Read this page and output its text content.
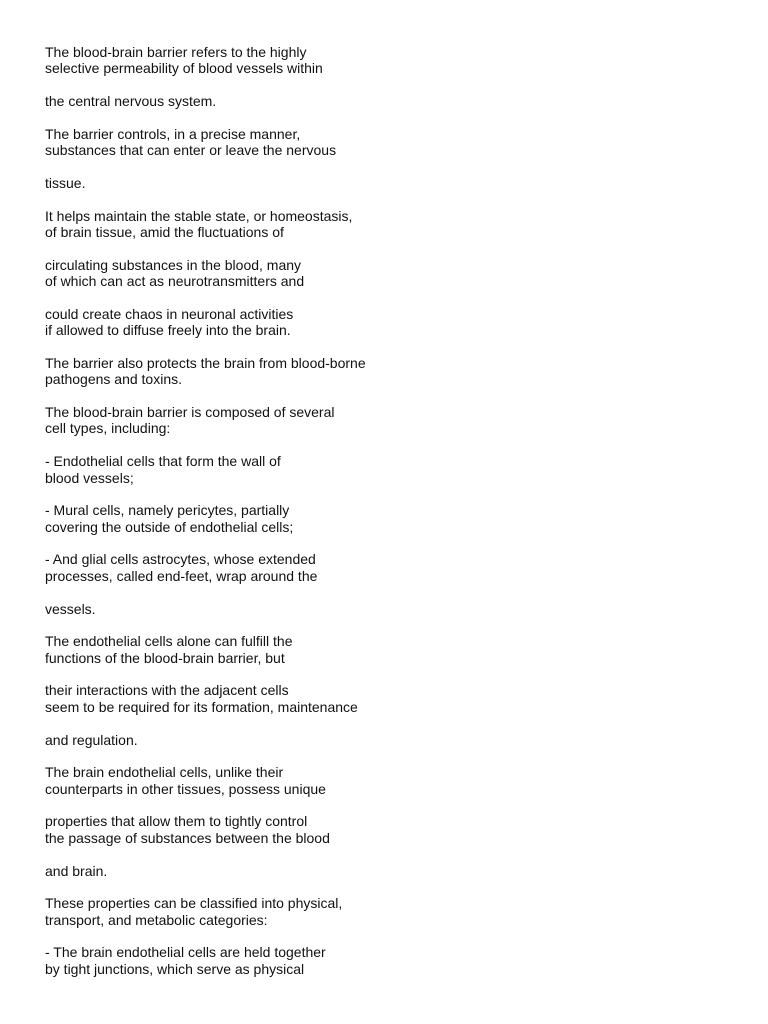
The blood-brain barrier refers to the highly
selective permeability of blood vessels within
the central nervous system.
The barrier controls, in a precise manner,
substances that can enter or leave the nervous
tissue.
It helps maintain the stable state, or homeostasis,
of brain tissue, amid the fluctuations of
circulating substances in the blood, many
of which can act as neurotransmitters and
could create chaos in neuronal activities
if allowed to diffuse freely into the brain.
The barrier also protects the brain from blood-borne
pathogens and toxins.
The blood-brain barrier is composed of several
cell types, including:
- Endothelial cells that form the wall of
blood vessels;
- Mural cells, namely pericytes, partially
covering the outside of endothelial cells;
- And glial cells astrocytes, whose extended
processes, called end-feet, wrap around the
vessels.
The endothelial cells alone can fulfill the
functions of the blood-brain barrier, but
their interactions with the adjacent cells
seem to be required for its formation, maintenance
and regulation.
The brain endothelial cells, unlike their
counterparts in other tissues, possess unique
properties that allow them to tightly control
the passage of substances between the blood
and brain.
These properties can be classified into physical,
transport, and metabolic categories:
- The brain endothelial cells are held together
by tight junctions, which serve as physical
